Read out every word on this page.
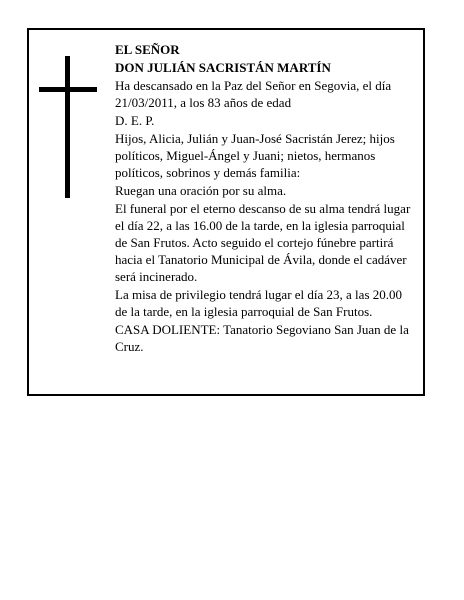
EL SEÑOR

DON JULIÁN SACRISTÁN MARTÍN

Ha descansado en la Paz del Señor en Segovia, el día 21/03/2011, a los 83 años de edad

D. E. P.

Hijos, Alicia, Julián y Juan-José Sacristán Jerez; hijos políticos, Miguel-Ángel y Juani; nietos, hermanos políticos, sobrinos y demás familia:

Ruegan una oración por su alma.

El funeral por el eterno descanso de su alma tendrá lugar el día 22, a las 16.00 de la tarde, en la iglesia parroquial de San Frutos. Acto seguido el cortejo fúnebre partirá hacia el Tanatorio Municipal de Ávila, donde el cadáver será incinerado.

La misa de privilegio tendrá lugar el día 23, a las 20.00 de la tarde, en la iglesia parroquial de San Frutos.

CASA DOLIENTE: Tanatorio Segoviano San Juan de la Cruz.
